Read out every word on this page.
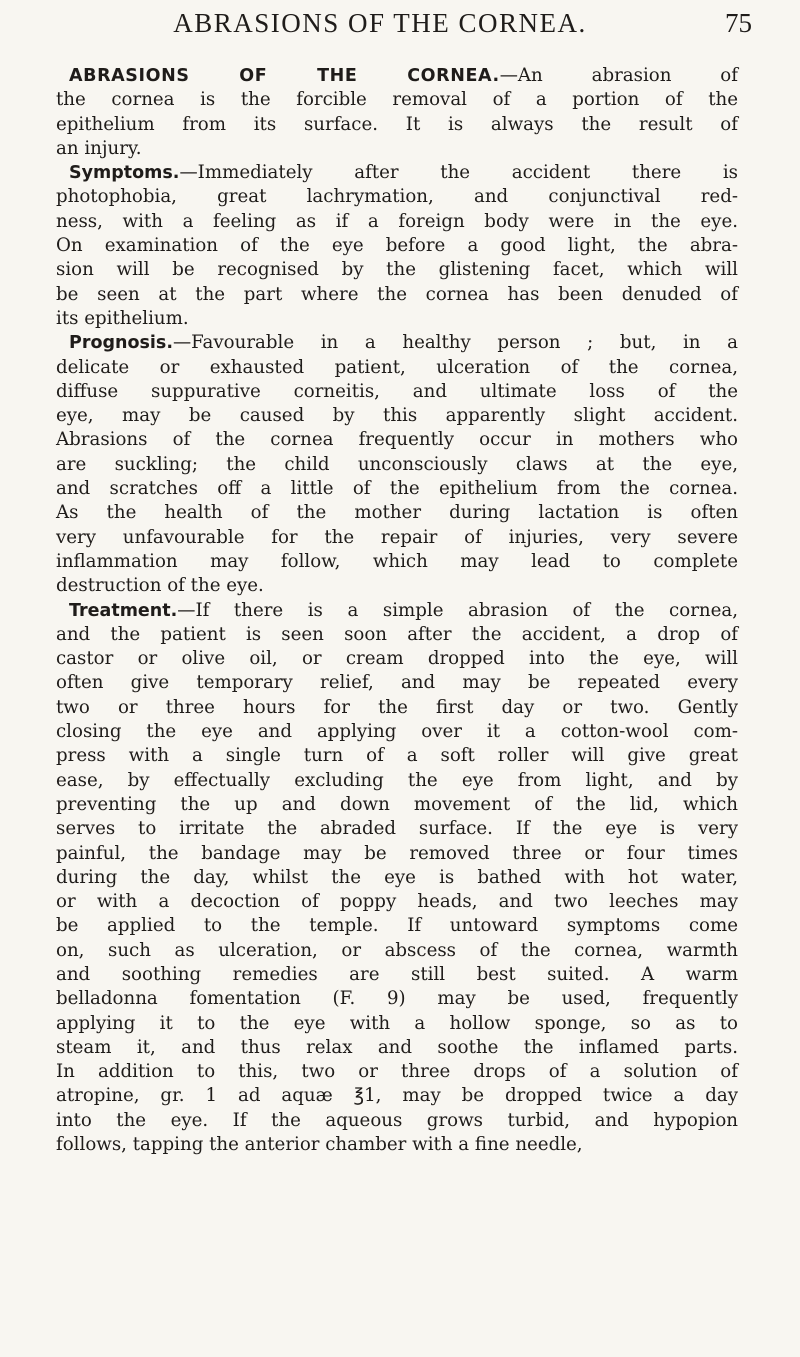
ABRASIONS OF THE CORNEA.	75
ABRASIONS OF THE CORNEA.—An abrasion of
the cornea is the forcible removal of a portion of the
epithelium from its surface. It is always the result of
an injury.
Symptoms.—Immediately after the accident there is
photophobia, great lachrymation, and conjunctival red-
ness, with a feeling as if a foreign body were in the eye.
On examination of the eye before a good light, the abra-
sion will be recognised by the glistening facet, which will
be seen at the part where the cornea has been denuded of
its epithelium.
Prognosis.—Favourable in a healthy person ; but, in a
delicate or exhausted patient, ulceration of the cornea,
diffuse suppurative corneitis, and ultimate loss of the
eye, may be caused by this apparently slight accident.
Abrasions of the cornea frequently occur in mothers who
are suckling; the child unconsciously claws at the eye,
and scratches off a little of the epithelium from the cornea.
As the health of the mother during lactation is often
very unfavourable for the repair of injuries, very severe
inflammation may follow, which may lead to complete
destruction of the eye.
Treatment.—If there is a simple abrasion of the cornea,
and the patient is seen soon after the accident, a drop of
castor or olive oil, or cream dropped into the eye, will
often give temporary relief, and may be repeated every
two or three hours for the first day or two. Gently
closing the eye and applying over it a cotton-wool com-
press with a single turn of a soft roller will give great
ease, by effectually excluding the eye from light, and by
preventing the up and down movement of the lid, which
serves to irritate the abraded surface. If the eye is very
painful, the bandage may be removed three or four times
during the day, whilst the eye is bathed with hot water,
or with a decoction of poppy heads, and two leeches may
be applied to the temple. If untoward symptoms come
on, such as ulceration, or abscess of the cornea, warmth
and soothing remedies are still best suited. A warm
belladonna fomentation (F. 9) may be used, frequently
applying it to the eye with a hollow sponge, so as to
steam it, and thus relax and soothe the inflamed parts.
In addition to this, two or three drops of a solution of
atropine, gr. 1 ad aquæ ℥1, may be dropped twice a day
into the eye. If the aqueous grows turbid, and hypopion
follows, tapping the anterior chamber with a fine needle,
